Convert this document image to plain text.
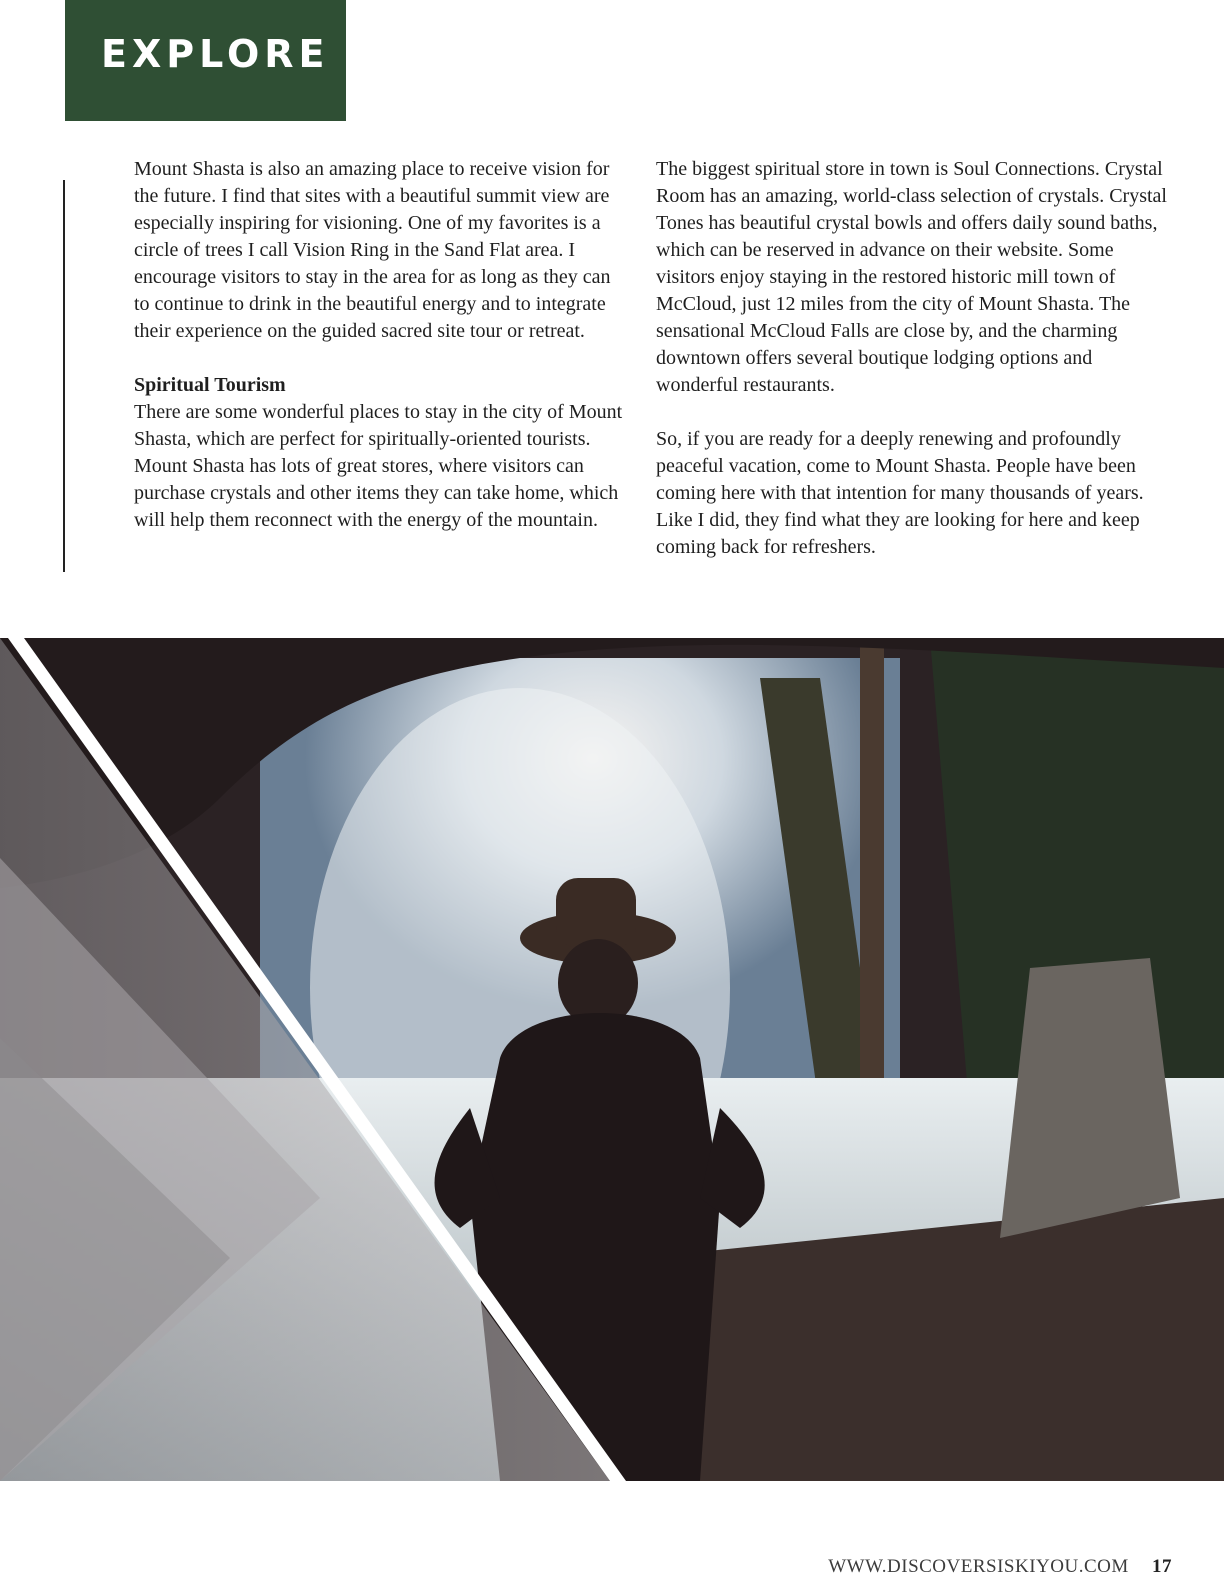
EXPLORE

Mount Shasta is also an amazing place to receive vision for the future. I find that sites with a beautiful summit view are especially inspiring for visioning. One of my favorites is a circle of trees I call Vision Ring in the Sand Flat area. I encourage visitors to stay in the area for as long as they can to continue to drink in the beautiful energy and to integrate their experience on the guided sacred site tour or retreat.

Spiritual Tourism
There are some wonderful places to stay in the city of Mount Shasta, which are perfect for spiritually-oriented tourists. Mount Shasta has lots of great stores, where visitors can purchase crystals and other items they can take home, which will help them reconnect with the energy of the mountain.

The biggest spiritual store in town is Soul Connections. Crystal Room has an amazing, world-class selection of crystals. Crystal Tones has beautiful crystal bowls and offers daily sound baths, which can be reserved in advance on their website. Some visitors enjoy staying in the restored historic mill town of McCloud, just 12 miles from the city of Mount Shasta. The sensational McCloud Falls are close by, and the charming downtown offers several boutique lodging options and wonderful restaurants.

So, if you are ready for a deeply renewing and profoundly peaceful vacation, come to Mount Shasta. People have been coming here with that intention for many thousands of years. Like I did, they find what they are looking for here and keep coming back for refreshers.

WWW.DISCOVERSISKIYOU.COM 17
